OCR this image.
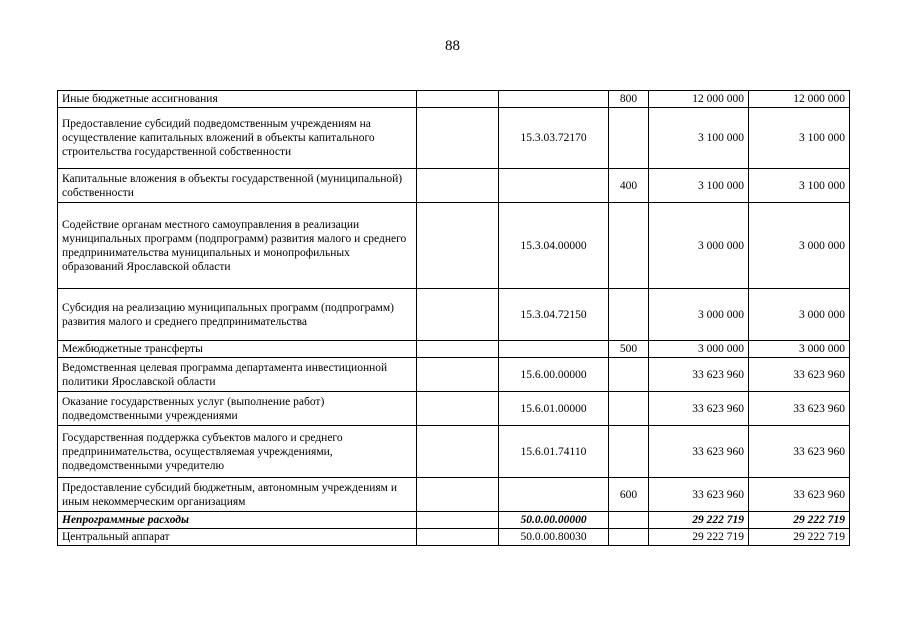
88
Иные бюджетные ассигнования			800	12 000 000	12 000 000
Предоставление субсидий подведомственным учреждениям на осуществление капитальных вложений в объекты капитального строительства государственной собственности		15.3.03.72170		3 100 000	3 100 000
Капитальные вложения в объекты государственной (муниципальной) собственности			400	3 100 000	3 100 000
Содействие органам местного самоуправления в реализации муниципальных программ (подпрограмм) развития малого и среднего предпринимательства муниципальных и монопрофильных образований Ярославской области		15.3.04.00000		3 000 000	3 000 000
Субсидия на реализацию муниципальных программ (подпрограмм) развития малого и среднего предпринимательства		15.3.04.72150		3 000 000	3 000 000
Межбюджетные трансферты			500	3 000 000	3 000 000
Ведомственная целевая программа департамента инвестиционной политики Ярославской области		15.6.00.00000		33 623 960	33 623 960
Оказание государственных услуг (выполнение работ) подведомственными учреждениями		15.6.01.00000		33 623 960	33 623 960
Государственная поддержка субъектов малого и среднего предпринимательства, осуществляемая учреждениями, подведомственными учредителю		15.6.01.74110		33 623 960	33 623 960
Предоставление субсидий бюджетным, автономным учреждениям и иным некоммерческим организациям			600	33 623 960	33 623 960
Непрограммные расходы		50.0.00.00000		29 222 719	29 222 719
Центральный аппарат		50.0.00.80030		29 222 719	29 222 719
